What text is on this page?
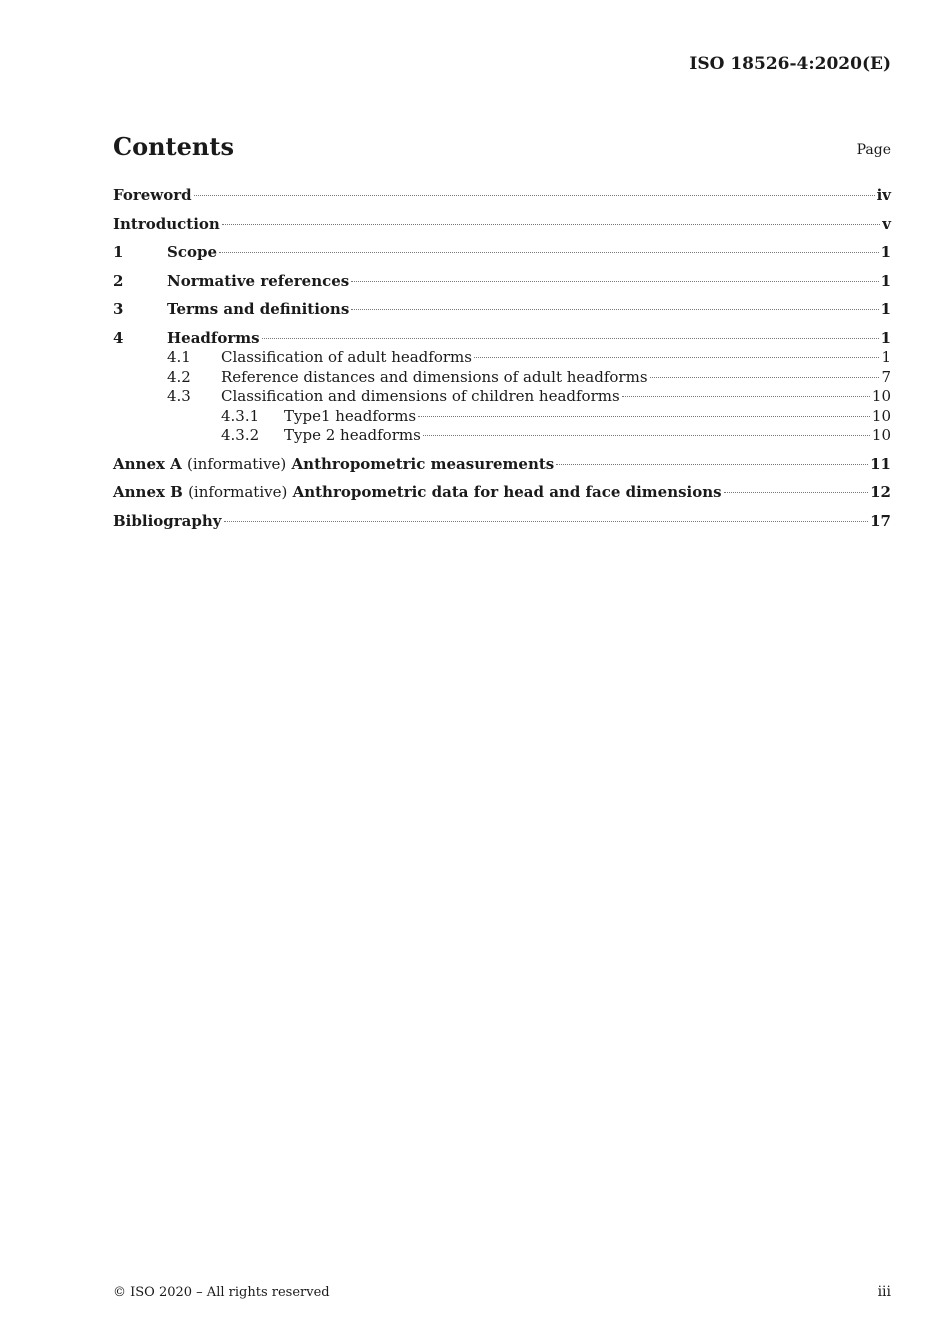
ISO 18526-4:2020(E)
Contents	Page
Foreword	iv
Introduction	v
1	Scope	1
2	Normative references	1
3	Terms and definitions	1
4	Headforms	1
4.1	Classification of adult headforms	1
4.2	Reference distances and dimensions of adult headforms	7
4.3	Classification and dimensions of children headforms	10
4.3.1	Type1 headforms	10
4.3.2	Type 2 headforms	10
Annex A (informative) Anthropometric measurements	11
Annex B (informative) Anthropometric data for head and face dimensions	12
Bibliography	17
© ISO 2020 – All rights reserved	iii
